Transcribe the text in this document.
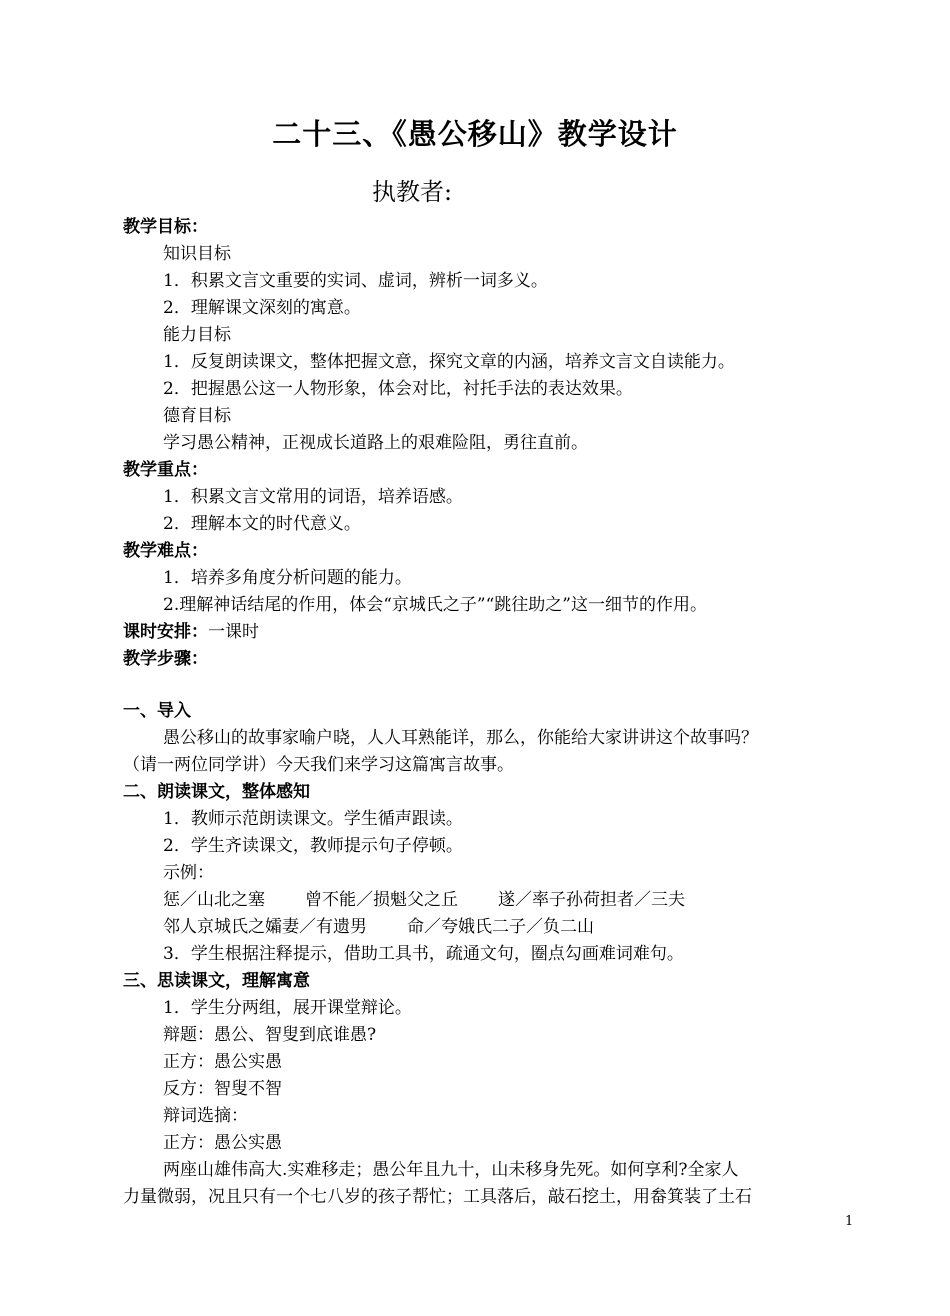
二十三、《愚公移山》教学设计
执教者:
教学目标：
知识目标
1．积累文言文重要的实词、虚词，辨析一词多义。
2．理解课文深刻的寓意。
能力目标
1．反复朗读课文，整体把握文意，探究文章的内涵，培养文言文自读能力。
2．把握愚公这一人物形象，体会对比，衬托手法的表达效果。
德育目标
学习愚公精神，正视成长道路上的艰难险阻，勇往直前。
教学重点：
1．积累文言文常用的词语，培养语感。
2．理解本文的时代意义。
教学难点：
1．培养多角度分析问题的能力。
2.理解神话结尾的作用，体会“京城氏之子”“跳往助之”这一细节的作用。
课时安排：一课时
教学步骤：
一、导入
愚公移山的故事家喻户晓，人人耳熟能详，那么，你能给大家讲讲这个故事吗？
（请一两位同学讲）今天我们来学习这篇寓言故事。
二、朗读课文，整体感知
1．教师示范朗读课文。学生循声跟读。
2．学生齐读课文，教师提示句子停顿。
示例：
惩／山北之塞 曾不能／损魁父之丘 遂／率子孙荷担者／三夫
邻人京城氏之孀妻／有遗男 命／夸娥氏二子／负二山
3．学生根据注释提示，借助工具书，疏通文句，圈点勾画难词难句。
三、思读课文，理解寓意
1．学生分两组，展开课堂辩论。
辩题：愚公、智叟到底谁愚?
正方：愚公实愚
反方：智叟不智
辩词选摘：
正方：愚公实愚
两座山雄伟高大.实难移走；愚公年且九十，山未移身先死。如何享利?全家人
力量微弱，况且只有一个七八岁的孩子帮忙；工具落后，敲石挖土，用畚箕装了土石
1
